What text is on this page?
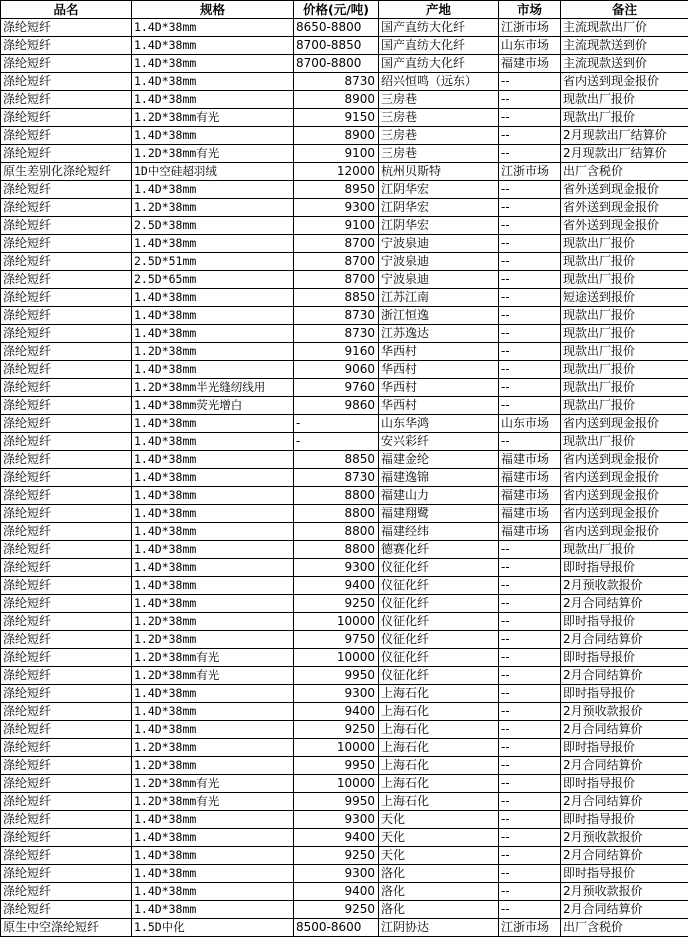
品名	规格	价格(元/吨)	产地	市场	备注
涤纶短纤	1.4D*38mm	8650-8800	国产直纺大化纤	江浙市场	主流现款出厂价
涤纶短纤	1.4D*38mm	8700-8850	国产直纺大化纤	山东市场	主流现款送到价
涤纶短纤	1.4D*38mm	8700-8800	国产直纺大化纤	福建市场	主流现款送到价
涤纶短纤	1.4D*38mm	8730	绍兴恒鸣（远东）	--	省内送到现金报价
涤纶短纤	1.4D*38mm	8900	三房巷	--	现款出厂报价
涤纶短纤	1.2D*38mm有光	9150	三房巷	--	现款出厂报价
涤纶短纤	1.4D*38mm	8900	三房巷	--	2月现款出厂结算价
涤纶短纤	1.2D*38mm有光	9100	三房巷	--	2月现款出厂结算价
原生差别化涤纶短纤	1D中空硅超羽绒	12000	杭州贝斯特	江浙市场	出厂含税价
涤纶短纤	1.4D*38mm	8950	江阴华宏	--	省外送到现金报价
涤纶短纤	1.2D*38mm	9300	江阴华宏	--	省外送到现金报价
涤纶短纤	2.5D*38mm	9100	江阴华宏	--	省外送到现金报价
涤纶短纤	1.4D*38mm	8700	宁波泉迪	--	现款出厂报价
涤纶短纤	2.5D*51mm	8700	宁波泉迪	--	现款出厂报价
涤纶短纤	2.5D*65mm	8700	宁波泉迪	--	现款出厂报价
涤纶短纤	1.4D*38mm	8850	江苏江南	--	短途送到报价
涤纶短纤	1.4D*38mm	8730	浙江恒逸	--	现款出厂报价
涤纶短纤	1.4D*38mm	8730	江苏逸达	--	现款出厂报价
涤纶短纤	1.2D*38mm	9160	华西村	--	现款出厂报价
涤纶短纤	1.4D*38mm	9060	华西村	--	现款出厂报价
涤纶短纤	1.2D*38mm半光缝纫线用	9760	华西村	--	现款出厂报价
涤纶短纤	1.4D*38mm荧光增白	9860	华西村	--	现款出厂报价
涤纶短纤	1.4D*38mm	-	山东华鸿	山东市场	省内送到现金报价
涤纶短纤	1.4D*38mm	-	安兴彩纤	--	现款出厂报价
涤纶短纤	1.4D*38mm	8850	福建金纶	福建市场	省内送到现金报价
涤纶短纤	1.4D*38mm	8730	福建逸锦	福建市场	省内送到现金报价
涤纶短纤	1.4D*38mm	8800	福建山力	福建市场	省内送到现金报价
涤纶短纤	1.4D*38mm	8800	福建翔鹭	福建市场	省内送到现金报价
涤纶短纤	1.4D*38mm	8800	福建经纬	福建市场	省内送到现金报价
涤纶短纤	1.4D*38mm	8800	德赛化纤	--	现款出厂报价
涤纶短纤	1.4D*38mm	9300	仪征化纤	--	即时指导报价
涤纶短纤	1.4D*38mm	9400	仪征化纤	--	2月预收款报价
涤纶短纤	1.4D*38mm	9250	仪征化纤	--	2月合同结算价
涤纶短纤	1.2D*38mm	10000	仪征化纤	--	即时指导报价
涤纶短纤	1.2D*38mm	9750	仪征化纤	--	2月合同结算价
涤纶短纤	1.2D*38mm有光	10000	仪征化纤	--	即时指导报价
涤纶短纤	1.2D*38mm有光	9950	仪征化纤	--	2月合同结算价
涤纶短纤	1.4D*38mm	9300	上海石化	--	即时指导报价
涤纶短纤	1.4D*38mm	9400	上海石化	--	2月预收款报价
涤纶短纤	1.4D*38mm	9250	上海石化	--	2月合同结算价
涤纶短纤	1.2D*38mm	10000	上海石化	--	即时指导报价
涤纶短纤	1.2D*38mm	9950	上海石化	--	2月合同结算价
涤纶短纤	1.2D*38mm有光	10000	上海石化	--	即时指导报价
涤纶短纤	1.2D*38mm有光	9950	上海石化	--	2月合同结算价
涤纶短纤	1.4D*38mm	9300	天化	--	即时指导报价
涤纶短纤	1.4D*38mm	9400	天化	--	2月预收款报价
涤纶短纤	1.4D*38mm	9250	天化	--	2月合同结算价
涤纶短纤	1.4D*38mm	9300	洛化	--	即时指导报价
涤纶短纤	1.4D*38mm	9400	洛化	--	2月预收款报价
涤纶短纤	1.4D*38mm	9250	洛化	--	2月合同结算价
原生中空涤纶短纤	1.5D中化	8500-8600	江阴协达	江浙市场	出厂含税价
